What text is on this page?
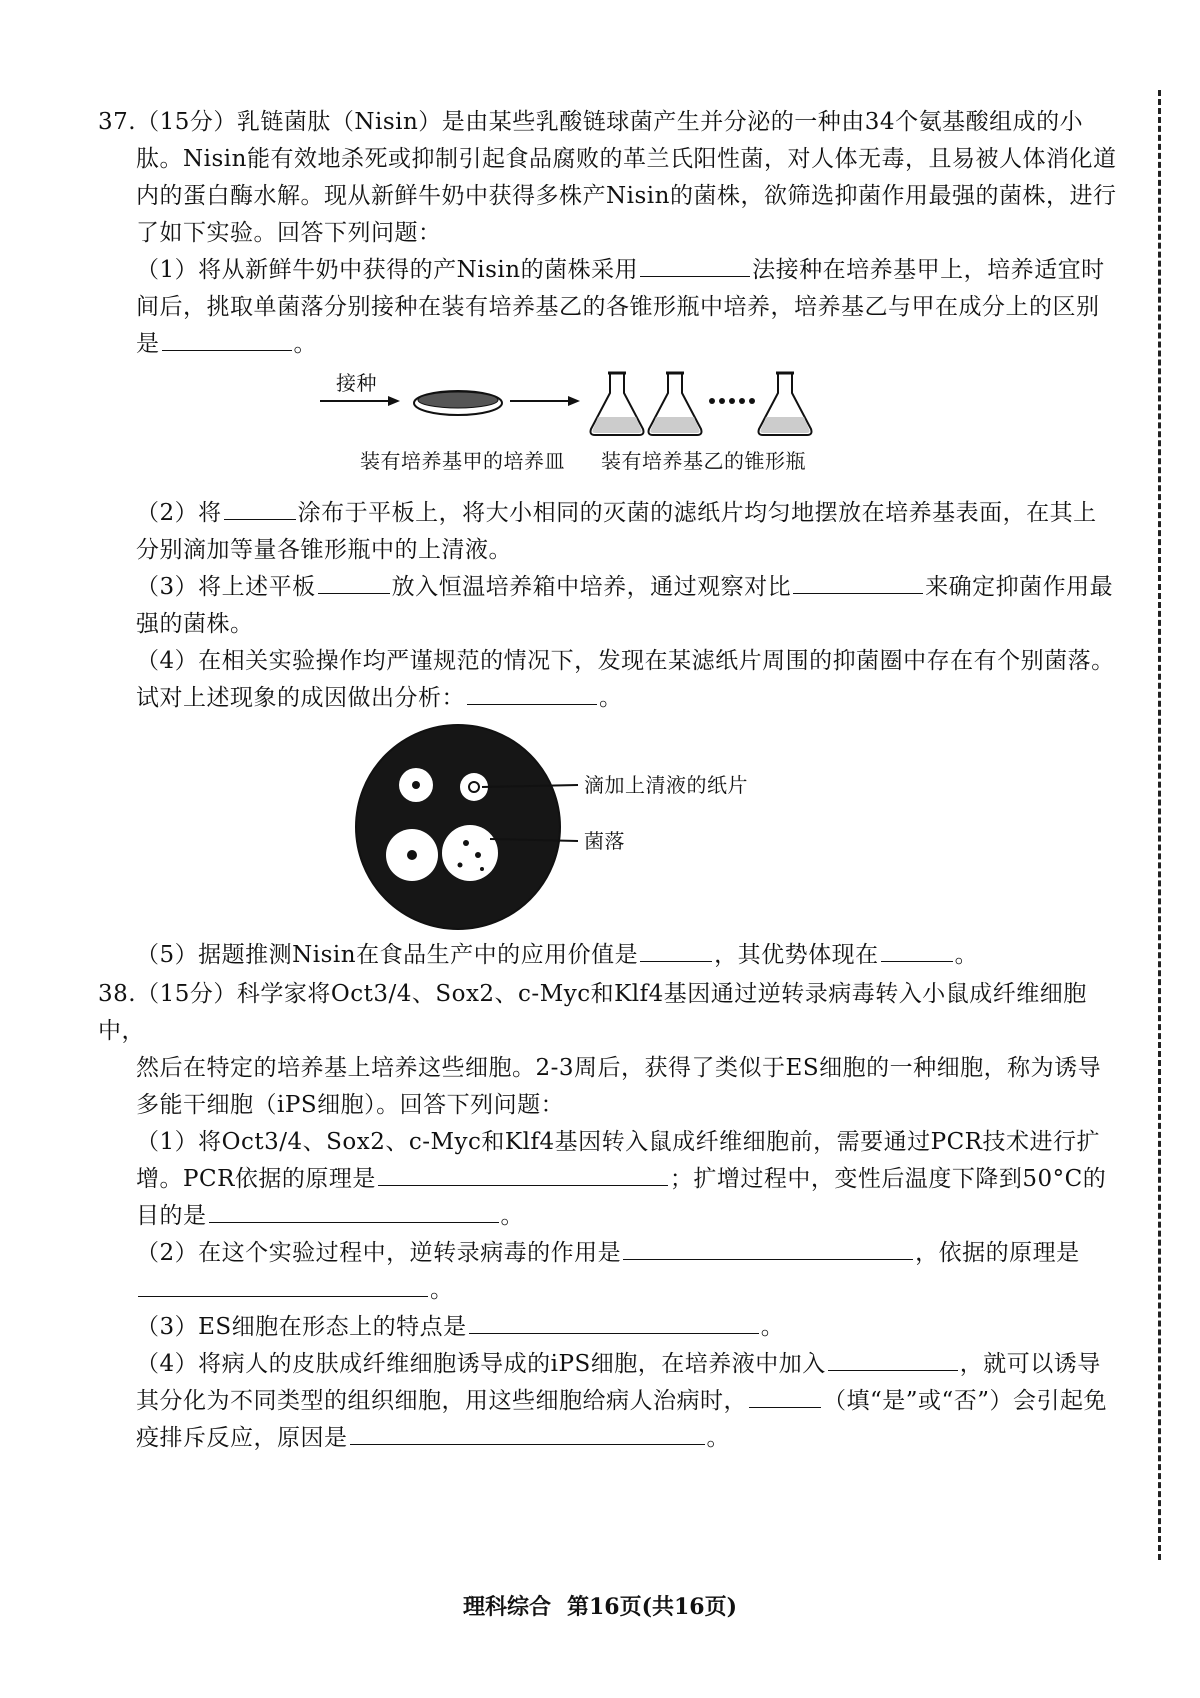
37.（15分）乳链菌肽（Nisin）是由某些乳酸链球菌产生并分泌的一种由34个氨基酸组成的小

肽。Nisin能有效地杀死或抑制引起食品腐败的革兰氏阳性菌，对人体无毒，且易被人体消化道内的蛋白酶水解。现从新鲜牛奶中获得多株产Nisin的菌株，欲筛选抑菌作用最强的菌株，进行了如下实验。回答下列问题：

（1）将从新鲜牛奶中获得的产Nisin的菌株采用	法接种在培养基甲上，培养适宜时间后，挑取单菌落分别接种在装有培养基乙的各锥形瓶中培养，培养基乙与甲在成分上的区别是	。

接种
装有培养基甲的培养皿 装有培养基乙的锥形瓶

（2）将	涂布于平板上，将大小相同的灭菌的滤纸片均匀地摆放在培养基表面，在其上分别滴加等量各锥形瓶中的上清液。

（3）将上述平板	放入恒温培养箱中培养，通过观察对比	来确定抑菌作用最强的菌株。

（4）在相关实验操作均严谨规范的情况下，发现在某滤纸片周围的抑菌圈中存在有个别菌落。试对上述现象的成因做出分析：	。

滴加上清液的纸片
菌落

（5）据题推测Nisin在食品生产中的应用价值是	，其优势体现在	。

38.（15分）科学家将Oct3/4、Sox2、c-Myc和Klf4基因通过逆转录病毒转入小鼠成纤维细胞中，

然后在特定的培养基上培养这些细胞。2-3周后，获得了类似于ES细胞的一种细胞，称为诱导多能干细胞（iPS细胞）。回答下列问题：

（1）将Oct3/4、Sox2、c-Myc和Klf4基因转入鼠成纤维细胞前，需要通过PCR技术进行扩增。PCR依据的原理是	；扩增过程中，变性后温度下降到50°C的目的是	。

（2）在这个实验过程中，逆转录病毒的作用是	，依据的原理是。

（3）ES细胞在形态上的特点是	。

（4）将病人的皮肤成纤维细胞诱导成的iPS细胞，在培养液中加入	，就可以诱导其分化为不同类型的组织细胞，用这些细胞给病人治病时，	（填“是”或“否”）会引起免疫排斥反应，原因是	。

理科综合 第16页(共16页)
